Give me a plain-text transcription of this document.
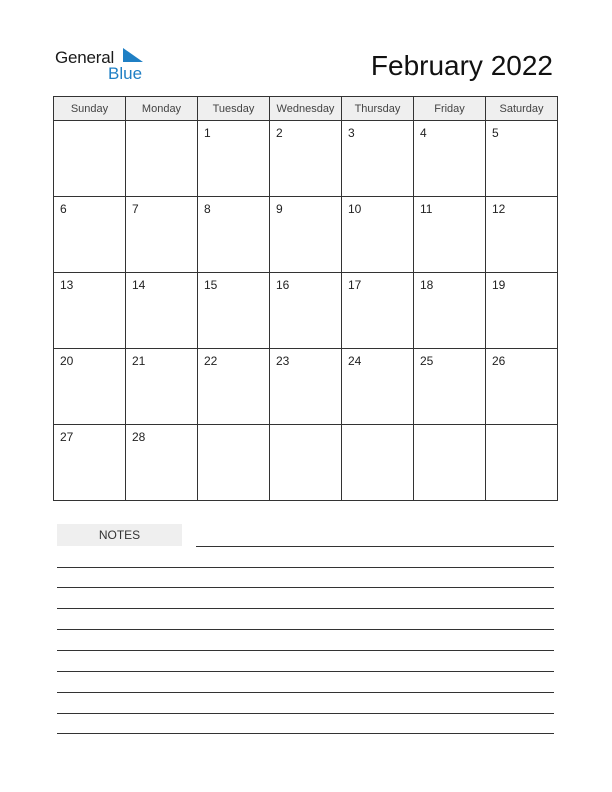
General
Blue	February 2022
Sunday	Monday	Tuesday	Wednesday	Thursday	Friday	Saturday

		1	2	3	4	5

6	7	8	9	10	11	12

13	14	15	16	17	18	19

20	21	22	23	24	25	26

27	28					

NOTES
